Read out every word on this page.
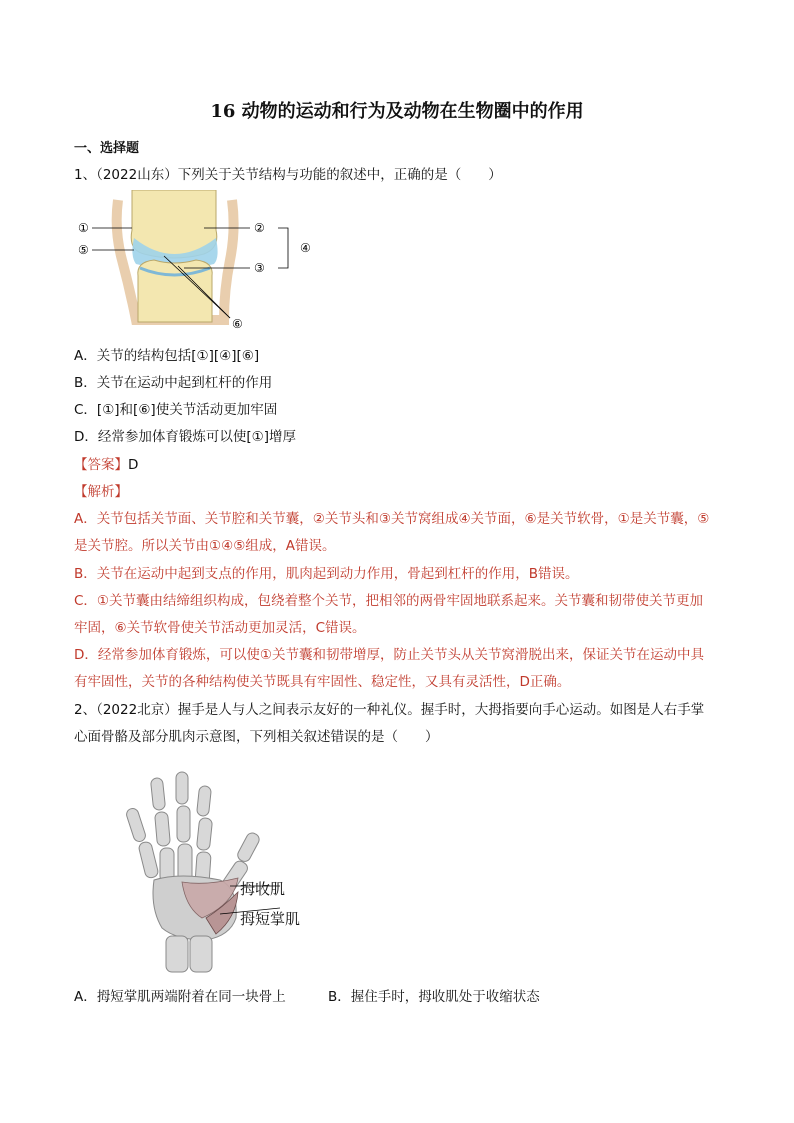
16 动物的运动和行为及动物在生物圈中的作用
一、选择题
1、（2022山东）下列关于关节结构与功能的叙述中，正确的是（　　）
①	②
⑤
③
④
⑥
A．关节的结构包括[①][④][⑥]
B．关节在运动中起到杠杆的作用
C．[①]和[⑥]使关节活动更加牢固
D．经常参加体育锻炼可以使[①]增厚
【答案】D
【解析】
A．关节包括关节面、关节腔和关节囊，②关节头和③关节窝组成④关节面，⑥是关节软骨，①是关节囊，⑤
是关节腔。所以关节由①④⑤组成，A错误。
B．关节在运动中起到支点的作用，肌肉起到动力作用，骨起到杠杆的作用，B错误。
C．①关节囊由结缔组织构成，包绕着整个关节，把相邻的两骨牢固地联系起来。关节囊和韧带使关节更加
牢固，⑥关节软骨使关节活动更加灵活，C错误。
D．经常参加体育锻炼，可以使①关节囊和韧带增厚，防止关节头从关节窝滑脱出来，保证关节在运动中具
有牢固性，关节的各种结构使关节既具有牢固性、稳定性，又具有灵活性，D正确。
2、（2022北京）握手是人与人之间表示友好的一种礼仪。握手时，大拇指要向手心运动。如图是人右手掌
心面骨骼及部分肌肉示意图，下列相关叙述错误的是（　　）
拇收肌
拇短掌肌
A．拇短掌肌两端附着在同一块骨上	B．握住手时，拇收肌处于收缩状态
